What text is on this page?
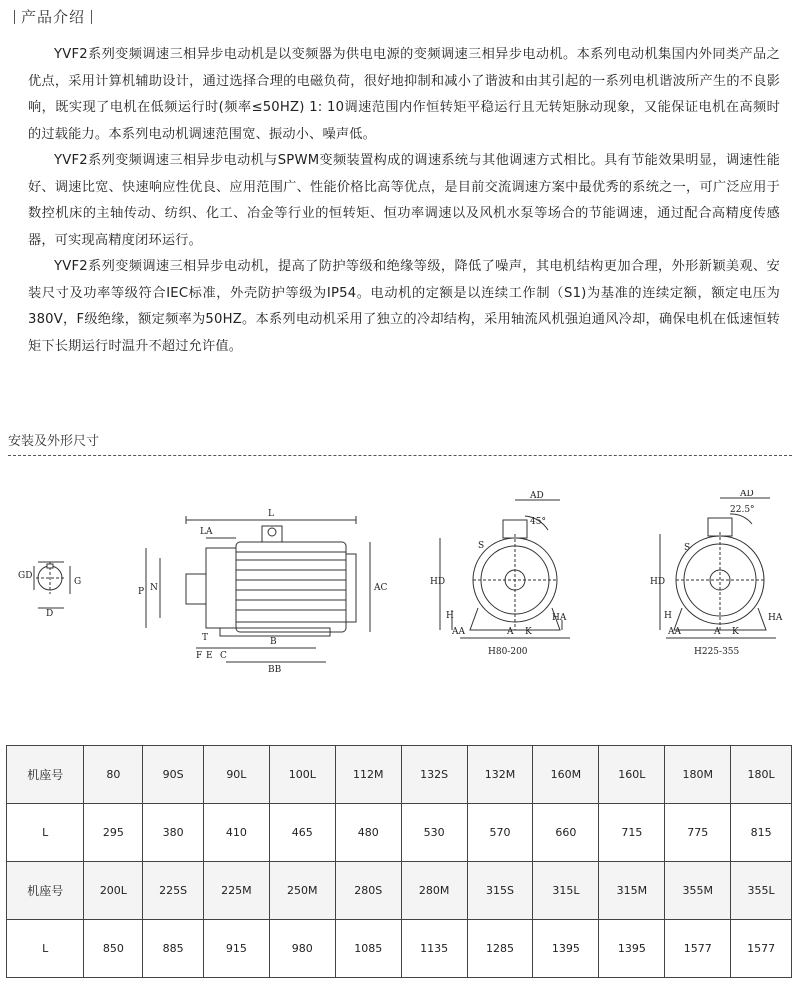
产品介绍

YVF2系列变频调速三相异步电动机是以变频器为供电电源的变频调速三相异步电动机。本系列电动机集国内外同类产品之优点，采用计算机辅助设计，通过选择合理的电磁负荷，很好地抑制和减小了谐波和由其引起的一系列电机谐波所产生的不良影响，既实现了电机在低频运行时(频率≤50HZ) 1: 10调速范围内作恒转矩平稳运行且无转矩脉动现象，又能保证电机在高频时的过载能力。本系列电动机调速范围宽、振动小、噪声低。

YVF2系列变频调速三相异步电动机与SPWM变频装置构成的调速系统与其他调速方式相比。具有节能效果明显，调速性能好、调速比宽、快速响应性优良、应用范围广、性能价格比高等优点，是目前交流调速方案中最优秀的系统之一，可广泛应用于数控机床的主轴传动、纺织、化工、冶金等行业的恒转矩、恒功率调速以及风机水泵等场合的节能调速，通过配合高精度传感器，可实现高精度闭环运行。

YVF2系列变频调速三相异步电动机，提高了防护等级和绝缘等级，降低了噪声，其电机结构更加合理，外形新颖美观、安装尺寸及功率等级符合IEC标准，外壳防护等级为IP54。电动机的定额是以连续工作制（S1)为基准的连续定额，额定电压为380V，F级绝缘，额定频率为50HZ。本系列电动机采用了独立的冷却结构，采用轴流风机强迫通风冷却，确保电机在低速恒转矩下长期运行时温升不超过允许值。

安装及外形尺寸
GD
G
D
L
LA
N
P	AC
T
F E C
B
BB
AD
45°
HD
S
H
AA	A K
HA
H80-200
AD
22.5°
HD
S
H
AA	A K
HA
H225-355
机座号	80	90S	90L	100L	112M	132S	132M	160M	160L	180M	180L
L	295	380	410	465	480	530	570	660	715	775	815
机座号	200L	225S	225M	250M	280S	280M	315S	315L	315M	355M	355L
L	850	885	915	980	1085	1135	1285	1395	1395	1577	1577
